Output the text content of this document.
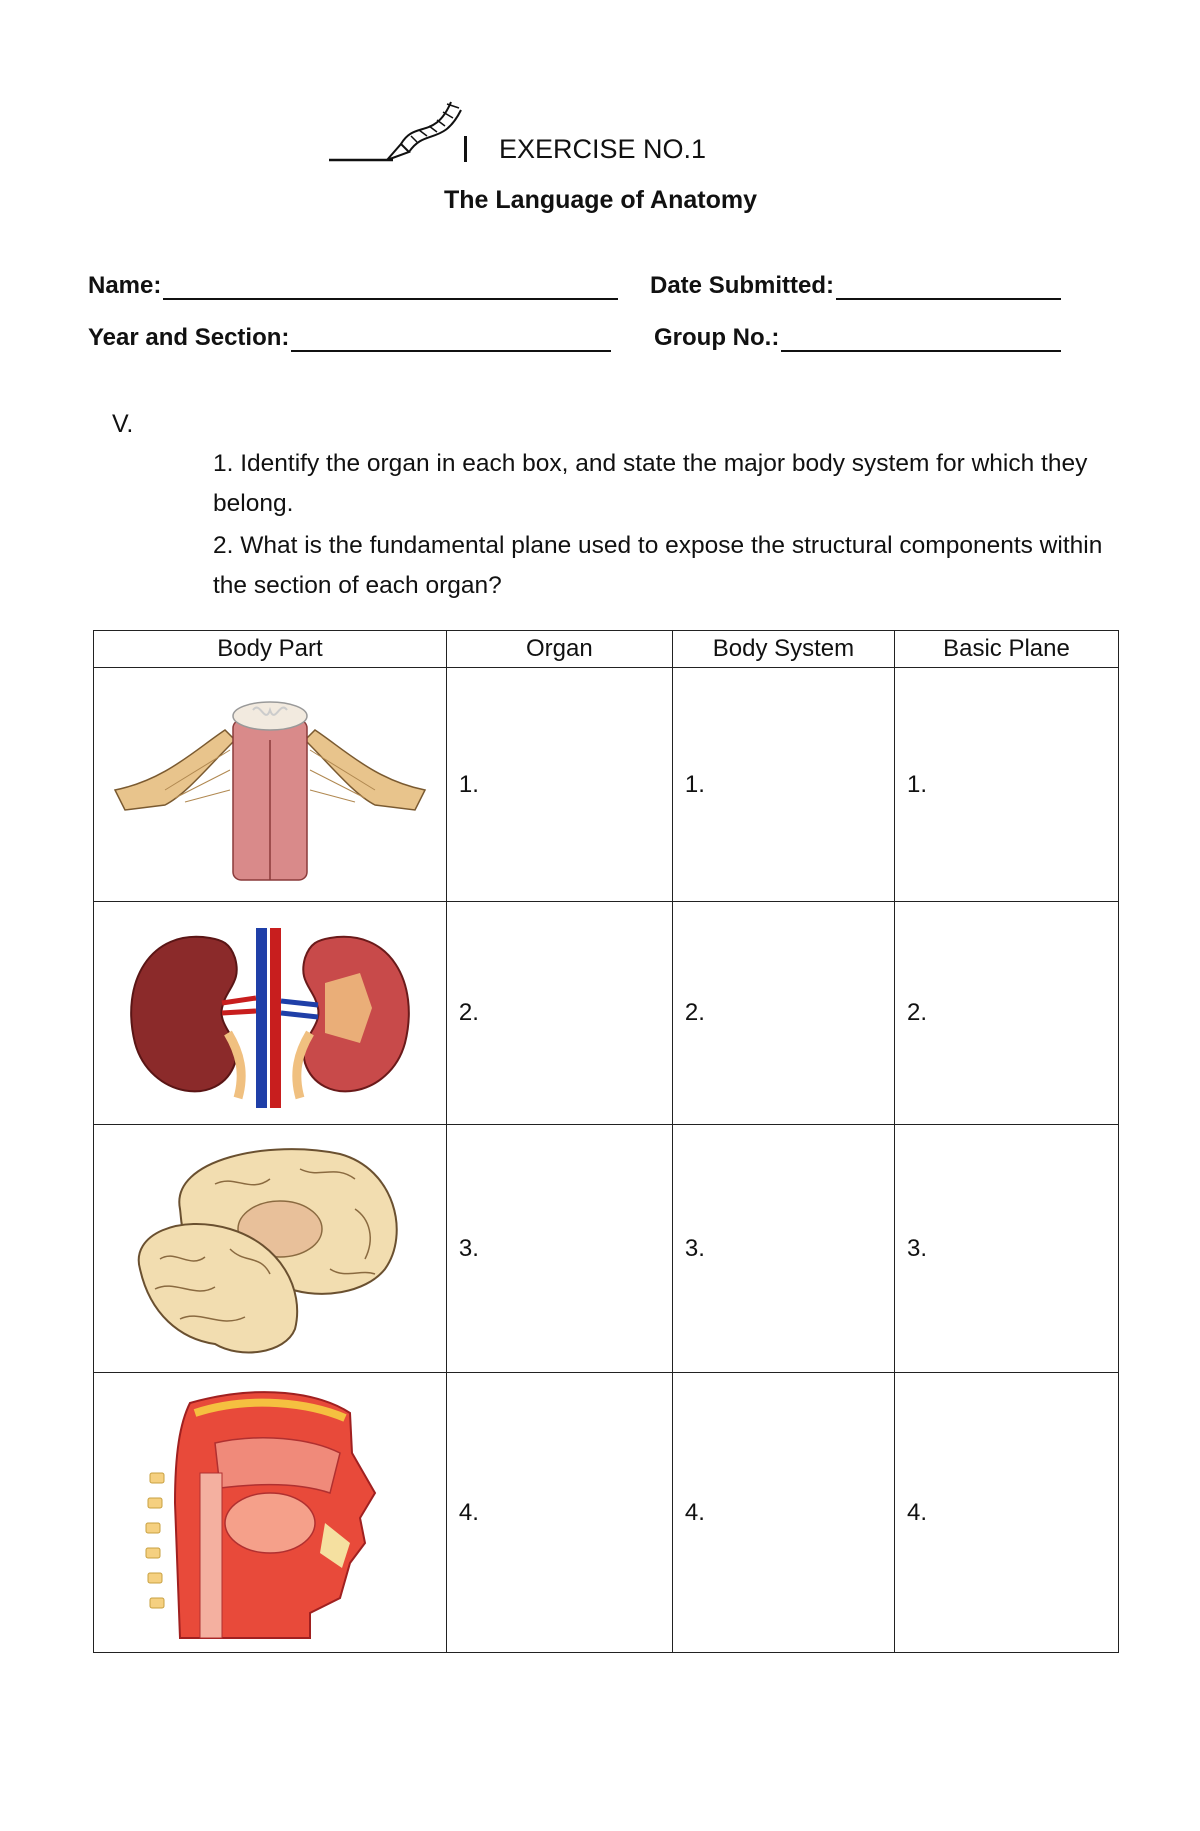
EXERCISE NO.1
The Language of Anatomy
Name:	Date Submitted:
Year and Section:	Group No.:
V.
1. Identify the organ in each box, and state the major body system for which they belong.
2. What is the fundamental plane used to expose the structural components within the section of each organ?
Body Part	Organ	Body System	Basic Plane

	1.	1.	1.

	2.	2.	2.

	3.	3.	3.

	4.	4.	4.
